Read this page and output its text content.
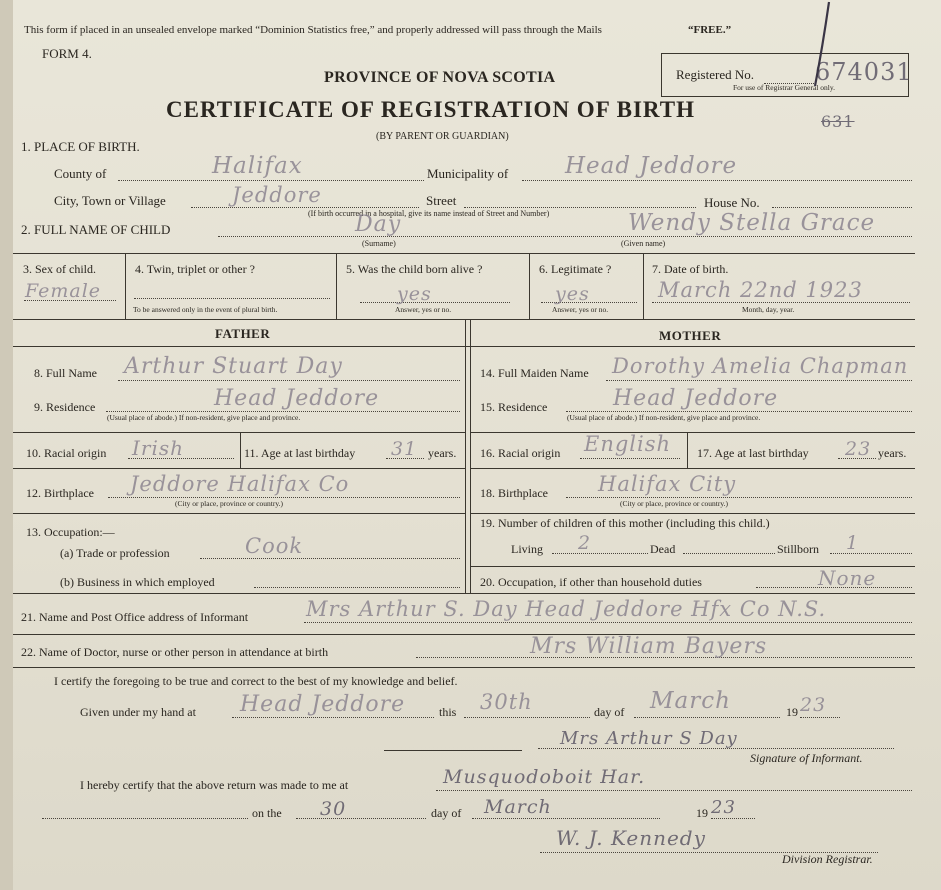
This form if placed in an unsealed envelope marked “Dominion Statistics free,” and properly addressed will pass through the Mails	“FREE.”
FORM 4.
Registered No.	674031
For use of Registrar General only.
631
PROVINCE OF NOVA SCOTIA
CERTIFICATE OF REGISTRATION OF BIRTH
(BY PARENT OR GUARDIAN)
1. PLACE OF BIRTH.
County of	Halifax	Municipality of Head Jeddore
City, Town or Village	Jeddore	Street	House No.
(If birth occurred in a hospital, give its name instead of Street and Number)
2. FULL NAME OF CHILD	Day	Wendy Stella Grace
(Surname)	(Given name)
3. Sex of child.
Female
4. Twin, triplet or other ?
To be answered only in the event of plural birth.
5. Was the child born alive ?
yes
Answer, yes or no.
6. Legitimate ?
yes
Answer, yes or no.
7. Date of birth.
March 22nd 1923
Month, day, year.
FATHER	MOTHER
8. Full Name Arthur Stuart Day
9. Residence	Head Jeddore
(Usual place of abode.) If non-resident, give place and province.
10. Racial origin Irish	11. Age at last birthday 31 years.
12. Birthplace Jeddore Halifax Co
(City or place, province or country.)
13. Occupation:—
(a) Trade or profession	Cook
(b) Business in which employed
14. Full Maiden Name Dorothy Amelia Chapman
15. Residence	Head Jeddore
(Usual place of abode.) If non-resident, give place and province.
16. Racial origin English 17. Age at last birthday 23 years.
18. Birthplace Halifax City
(City or place, province or country.)
19. Number of children of this mother (including this child.)
Living 2	Dead	Stillborn 1
20. Occupation, if other than household duties	None
21. Name and Post Office address of Informant	Mrs Arthur S. Day Head Jeddore Hfx Co N.S.
22. Name of Doctor, nurse or other person in attendance at birth	Mrs William Bayers
I certify the foregoing to be true and correct to the best of my knowledge and belief.
Given under my hand at Head Jeddore	this 30th	day of March	19 23
Mrs Arthur S Day
Signature of Informant.
I hereby certify that the above return was made to me at	Musquodoboit Har.
on the 30	day of March	19 23
W. J. Kennedy
Division Registrar.
